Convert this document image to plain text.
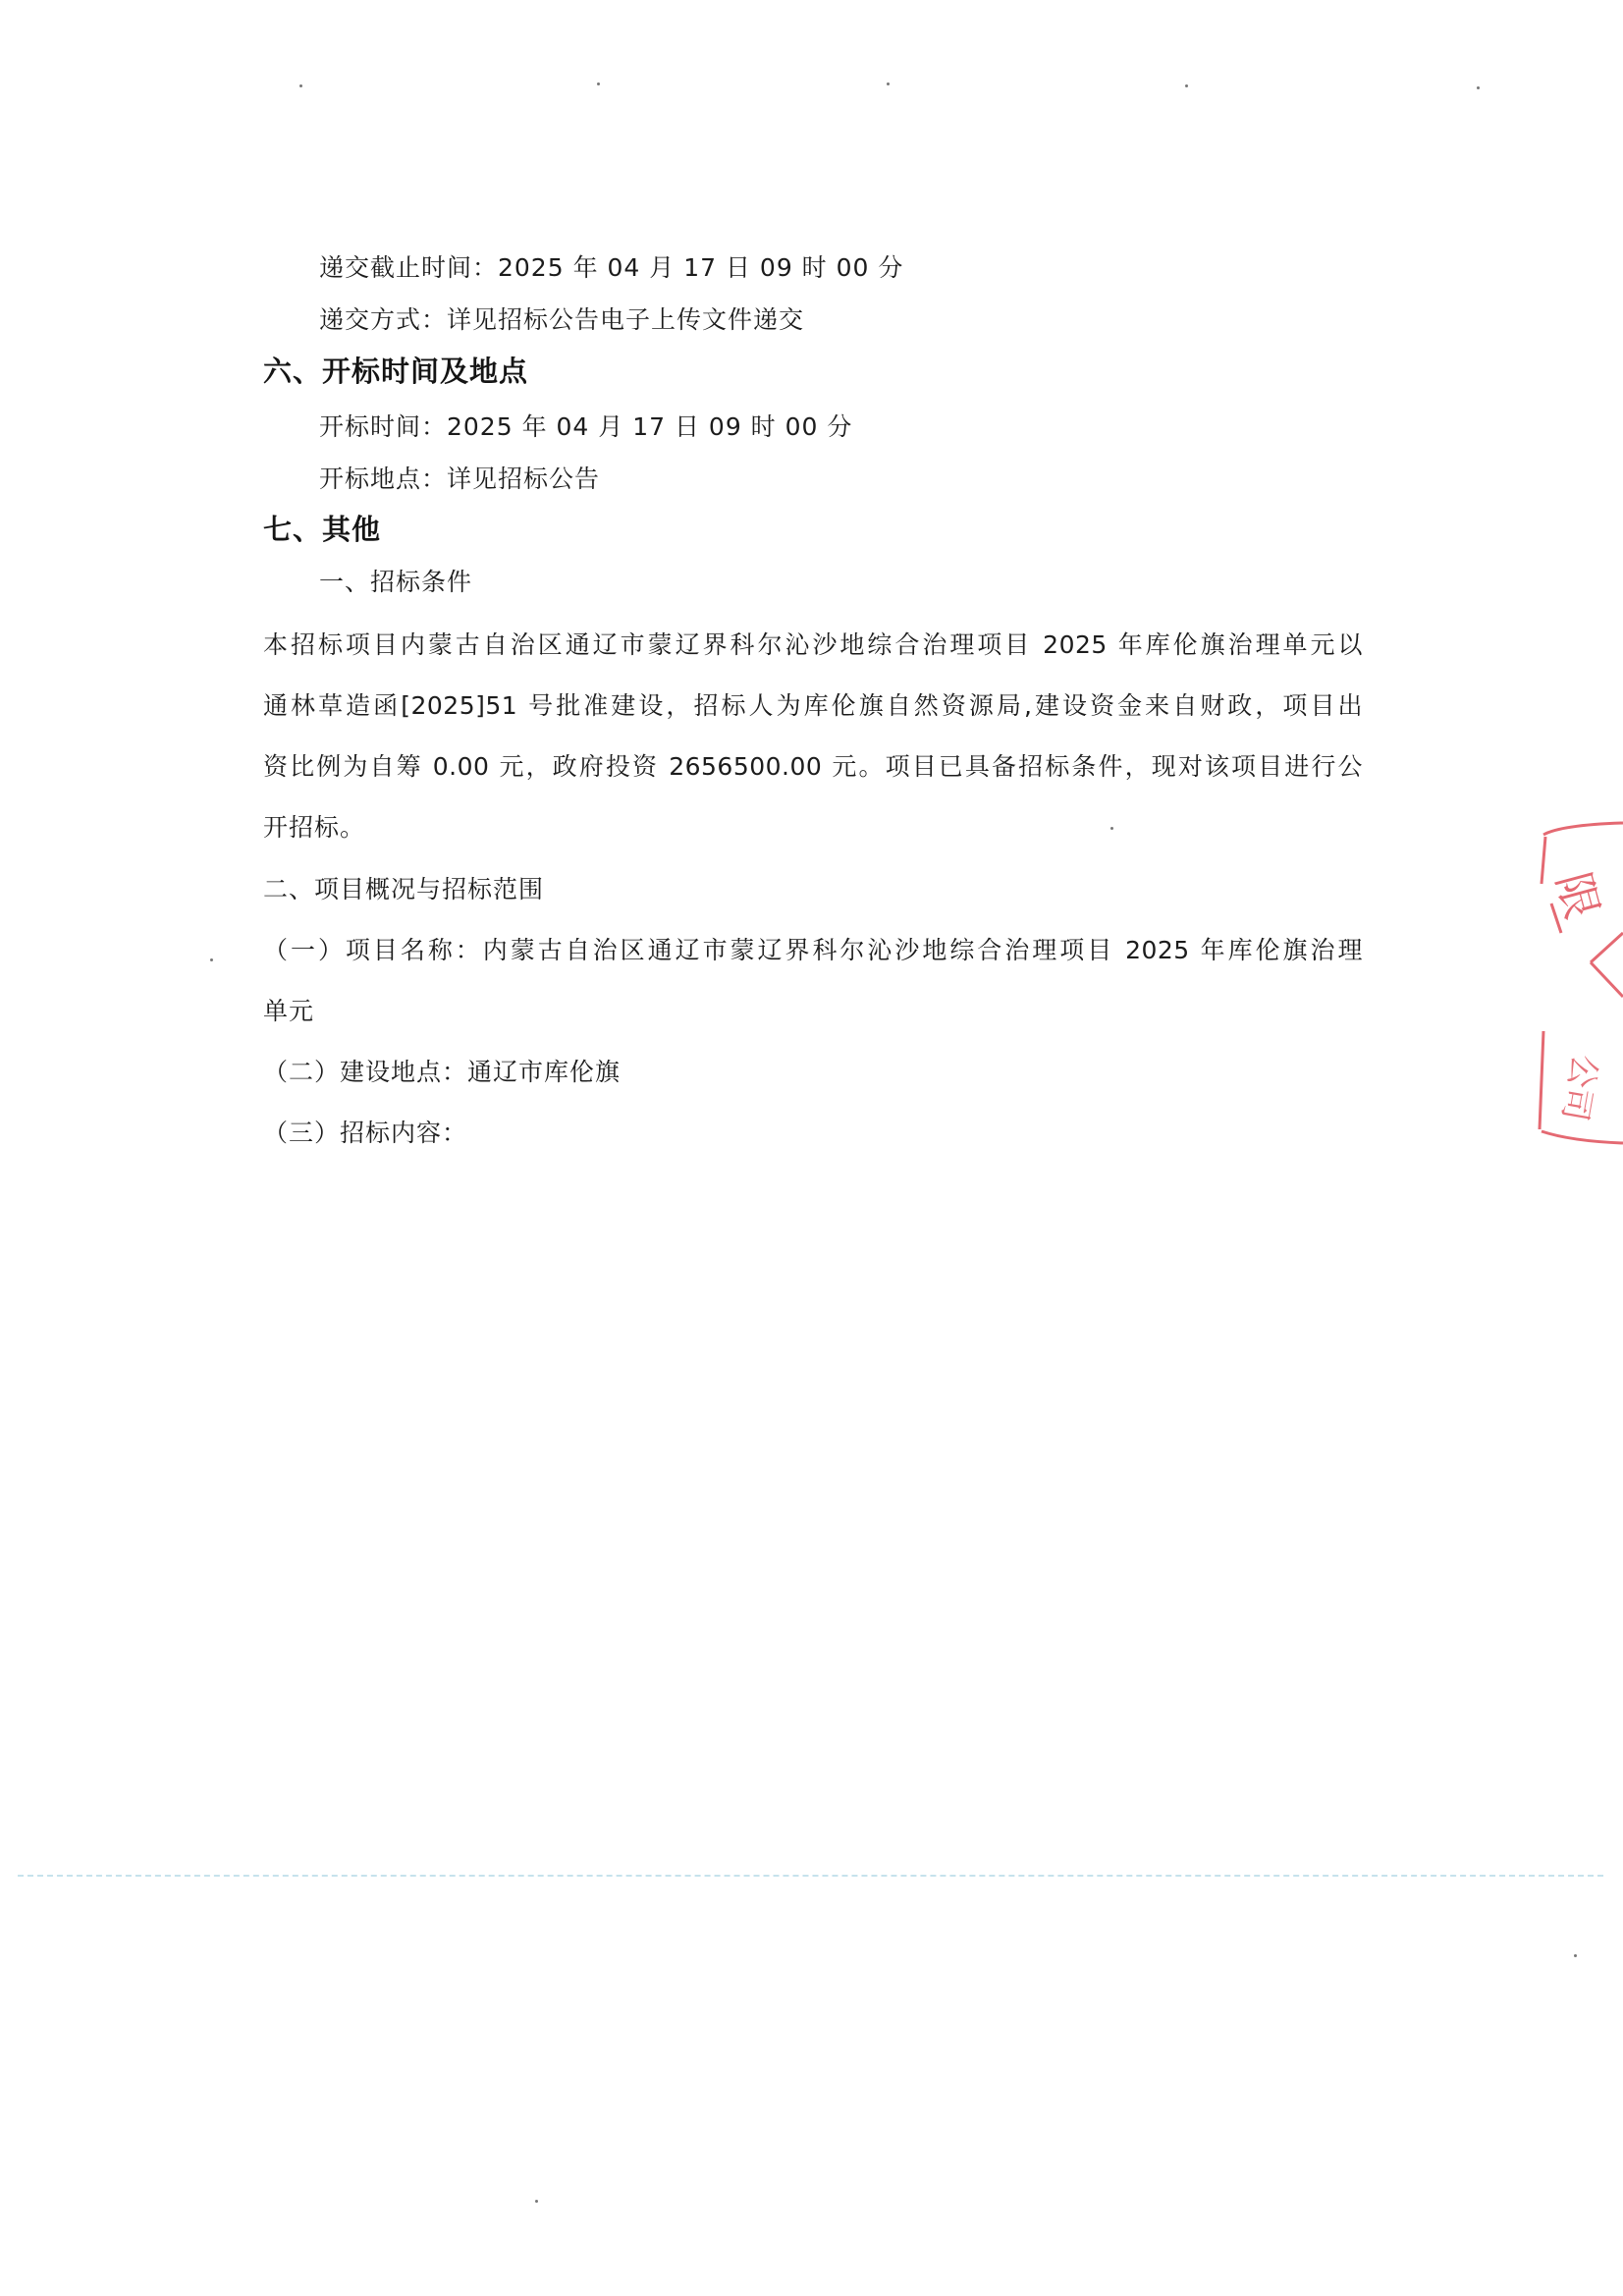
递交截止时间：2025 年 04 月 17 日 09 时 00 分
递交方式：详见招标公告电子上传文件递交
六、开标时间及地点
开标时间：2025 年 04 月 17 日 09 时 00 分
开标地点：详见招标公告
七、其他
一、招标条件
本招标项目内蒙古自治区通辽市蒙辽界科尔沁沙地综合治理项目 2025 年库伦旗治理单元以
通林草造函[2025]51 号批准建设，招标人为库伦旗自然资源局,建设资金来自财政，项目出
资比例为自筹 0.00 元，政府投资 2656500.00 元。项目已具备招标条件，现对该项目进行公
开招标。
二、项目概况与招标范围
（一）项目名称：内蒙古自治区通辽市蒙辽界科尔沁沙地综合治理项目 2025 年库伦旗治理
单元
（二）建设地点：通辽市库伦旗
（三）招标内容：
限
公司
